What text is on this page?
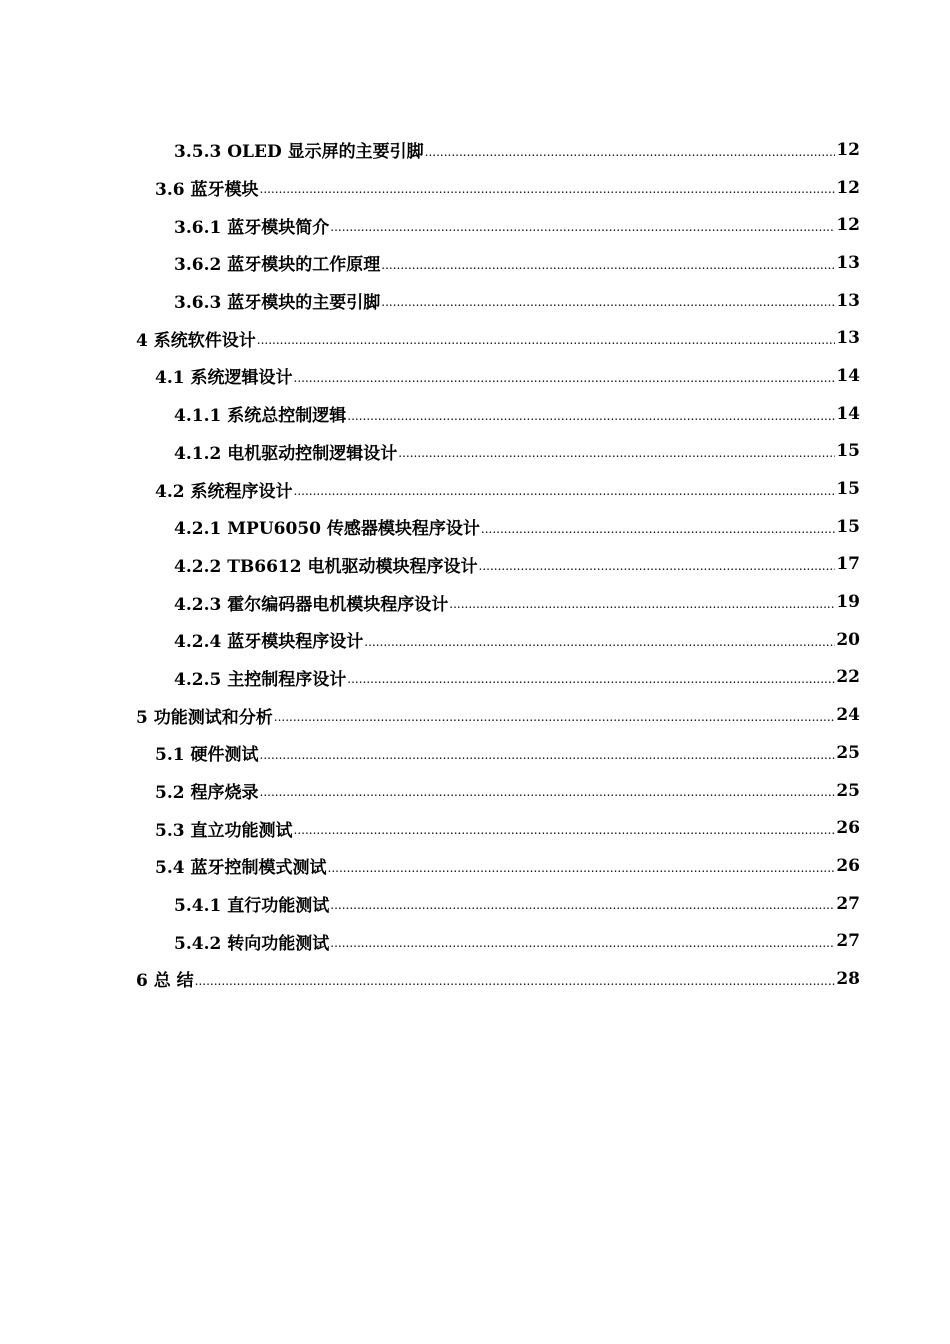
3.5.3 OLED 显示屏的主要引脚 .....	12
3.6 蓝牙模块 .....	12
3.6.1 蓝牙模块简介 .....	12
3.6.2 蓝牙模块的工作原理 .....	13
3.6.3 蓝牙模块的主要引脚 .....	13
4 系统软件设计 .....	13
4.1 系统逻辑设计 .....	14
4.1.1 系统总控制逻辑 .....	14
4.1.2 电机驱动控制逻辑设计 .....	15
4.2 系统程序设计 .....	15
4.2.1 MPU6050 传感器模块程序设计 .....	15
4.2.2 TB6612 电机驱动模块程序设计 .....	17
4.2.3 霍尔编码器电机模块程序设计 .....	19
4.2.4 蓝牙模块程序设计 .....	20
4.2.5 主控制程序设计 .....	22
5 功能测试和分析 .....	24
5.1 硬件测试 .....	25
5.2 程序烧录 .....	25
5.3 直立功能测试 .....	26
5.4 蓝牙控制模式测试 .....	26
5.4.1 直行功能测试 .....	27
5.4.2 转向功能测试 .....	27
6 总 结 .....	28
